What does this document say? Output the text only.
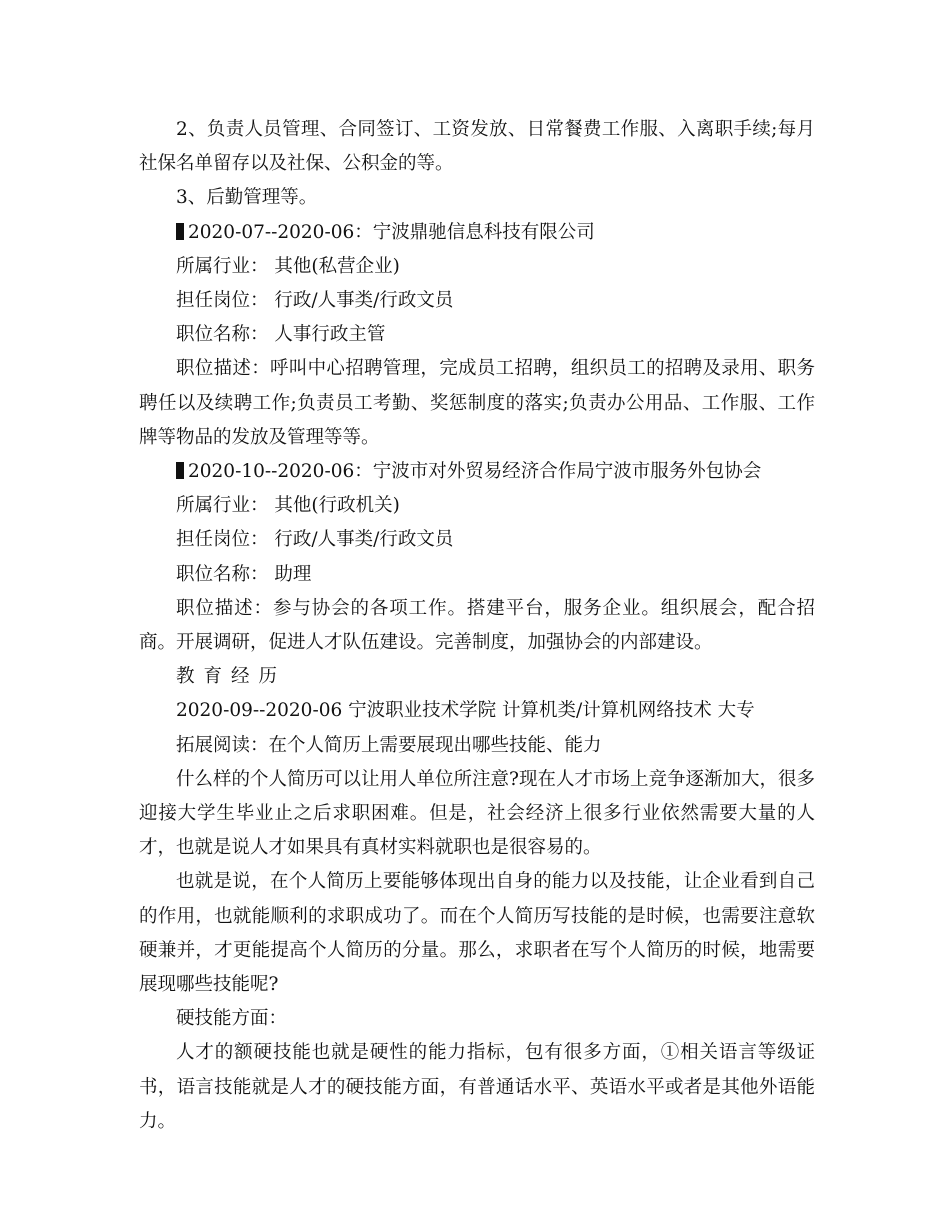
2、负责人员管理、合同签订、工资发放、日常餐费工作服、入离职手续;每月社保名单留存以及社保、公积金的等。

3、后勤管理等。

2020-07--2020-06：宁波鼎驰信息科技有限公司

所属行业： 其他(私营企业)

担任岗位： 行政/人事类/行政文员

职位名称： 人事行政主管

职位描述：呼叫中心招聘管理，完成员工招聘，组织员工的招聘及录用、职务聘任以及续聘工作;负责员工考勤、奖惩制度的落实;负责办公用品、工作服、工作牌等物品的发放及管理等等。

2020-10--2020-06：宁波市对外贸易经济合作局宁波市服务外包协会

所属行业： 其他(行政机关)

担任岗位： 行政/人事类/行政文员

职位名称： 助理

职位描述：参与协会的各项工作。搭建平台，服务企业。组织展会，配合招商。开展调研，促进人才队伍建设。完善制度，加强协会的内部建设。

教育经历

2020-09--2020-06 宁波职业技术学院 计算机类/计算机网络技术 大专

拓展阅读：在个人简历上需要展现出哪些技能、能力

什么样的个人简历可以让用人单位所注意?现在人才市场上竞争逐渐加大，很多迎接大学生毕业止之后求职困难。但是，社会经济上很多行业依然需要大量的人才，也就是说人才如果具有真材实料就职也是很容易的。

也就是说，在个人简历上要能够体现出自身的能力以及技能，让企业看到自己的作用，也就能顺利的求职成功了。而在个人简历写技能的是时候，也需要注意软硬兼并，才更能提高个人简历的分量。那么，求职者在写个人简历的时候，地需要展现哪些技能呢?

硬技能方面：

人才的额硬技能也就是硬性的能力指标，包有很多方面，①相关语言等级证书，语言技能就是人才的硬技能方面，有普通话水平、英语水平或者是其他外语能力。
